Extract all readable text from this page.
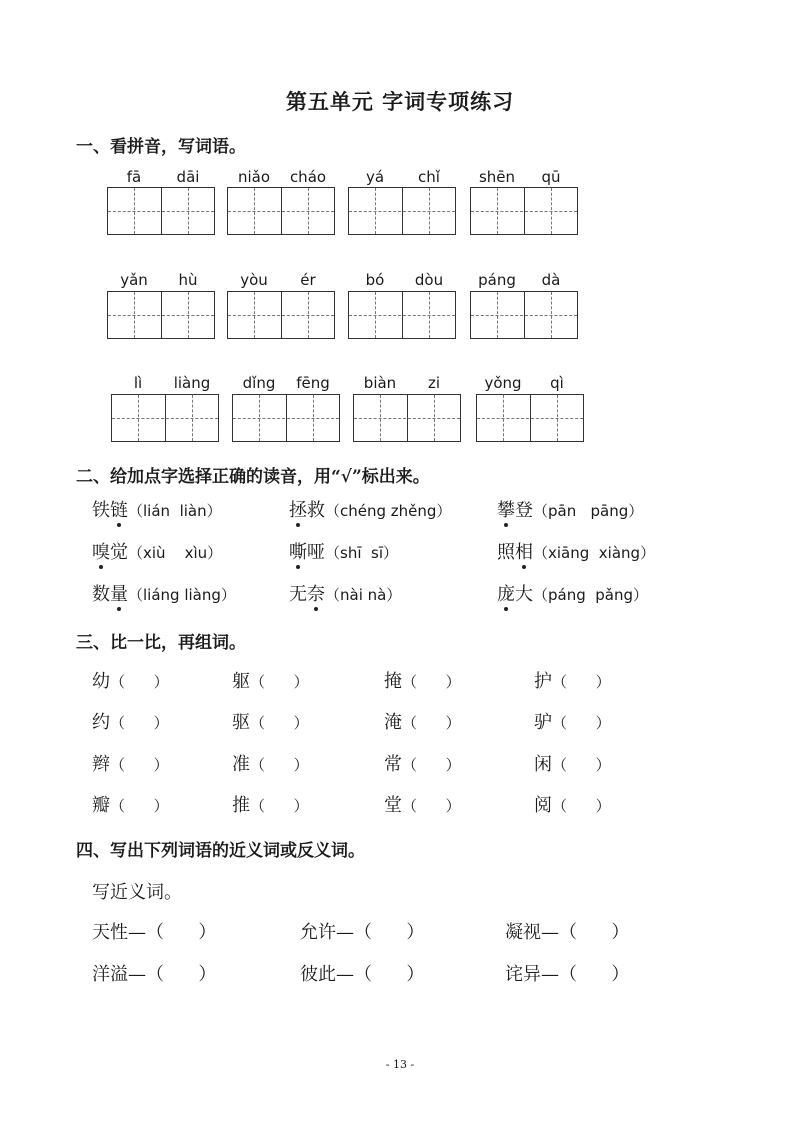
第五单元 字词专项练习
一、看拼音，写词语。
fā	dāi	niǎo	cháo	yá	chǐ	shēn	qū
yǎn	hù	yòu	ér	bó	dòu	páng	dà
lì	liàng	dǐng	fēng	biàn	zi	yǒng	qì
二、给加点字选择正确的读音，用“√”标出来。
铁链（lián  liàn）	拯救（chéng zhěng）	攀登（pān   pāng）
嗅觉（xiù    xìu）	嘶哑（shī  sī）	照相（xiāng  xiàng）
数量（liáng liàng）	无奈（nài nà）	庞大（páng  pǎng）
三、比一比，再组词。
幼（      ）	躯（      ）	掩（      ）	护（      ）
约（      ）	驱（      ）	淹（      ）	驴（      ）
辫（      ）	准（      ）	常（      ）	闲（      ）
瓣（      ）	推（      ）	堂（      ）	阅（      ）
四、写出下列词语的近义词或反义词。
写近义词。
天性—（      ）	允许—（      ）	凝视—（      ）
洋溢—（      ）	彼此—（      ）	诧异—（      ）
- 13 -
